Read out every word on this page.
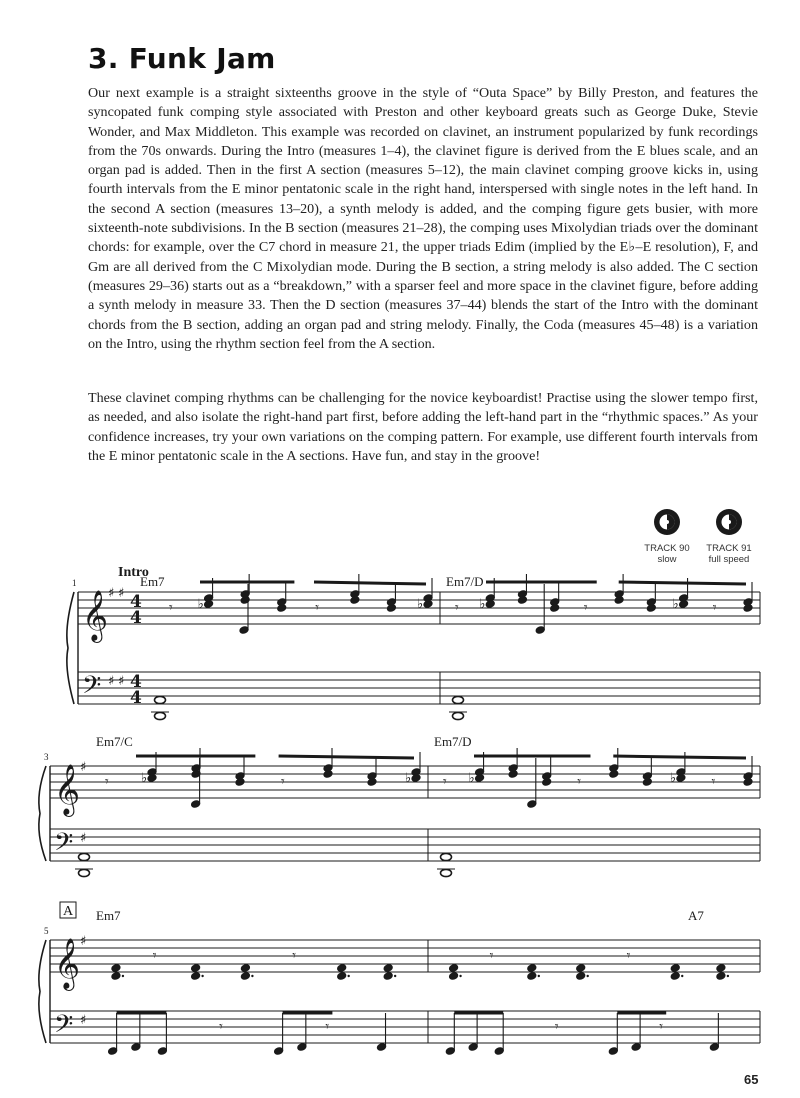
3. Funk Jam

Our next example is a straight sixteenths groove in the style of “Outa Space” by Billy Preston, and features the syncopated funk comping style associated with Preston and other keyboard greats such as George Duke, Stevie Wonder, and Max Middleton. This example was recorded on clavinet, an instrument popularized by funk recordings from the 70s onwards. During the Intro (measures 1–4), the clavinet figure is derived from the E blues scale, and an organ pad is added. Then in the first A section (measures 5–12), the main clavinet comping groove kicks in, using fourth intervals from the E minor pentatonic scale in the right hand, interspersed with single notes in the left hand. In the second A section (measures 13–20), a synth melody is added, and the comping figure gets busier, with more sixteenth-note subdivisions. In the B section (measures 21–28), the comping uses Mixolydian triads over the dominant chords: for example, over the C7 chord in measure 21, the upper triads Edim (implied by the E♭–E resolution), F, and Gm are all derived from the C Mixolydian mode. During the B section, a string melody is also added. The C section (measures 29–36) starts out as a “breakdown,” with a sparser feel and more space in the clavinet figure, before adding a synth melody in measure 33. Then the D section (measures 37–44) blends the start of the Intro with the dominant chords from the B section, adding an organ pad and string melody. Finally, the Coda (measures 45–48) is a variation on the Intro, using the rhythm section feel from the A section.

These clavinet comping rhythms can be challenging for the novice keyboardist! Practise using the slower tempo first, as needed, and also isolate the right-hand part first, before adding the left-hand part in the “rhythmic spaces.” As your confidence increases, try your own variations on the comping pattern. For example, use different fourth intervals from the E minor pentatonic scale in the A sections. Have fun, and stay in the groove!

TRACK 90
slow
TRACK 91
full speed
𝄞
𝄢
♯
♯
♯
♯
4
4
4
4
1
Intro
Em7	Em7/D
𝄾 ♭	𝄾	♭ 𝄾 ♭	𝄾	♭ 𝄾
𝄞
𝄢
♯
♯
3
Em7/C	Em7/D
𝄾 ♭	𝄾	♭ 𝄾 ♭	𝄾	♭	𝄾
𝄞
𝄢
♯
♯
5
A Em7	A7
𝄾	𝄾	𝄾	𝄾
𝄾	𝄾	𝄾	𝄾
65
